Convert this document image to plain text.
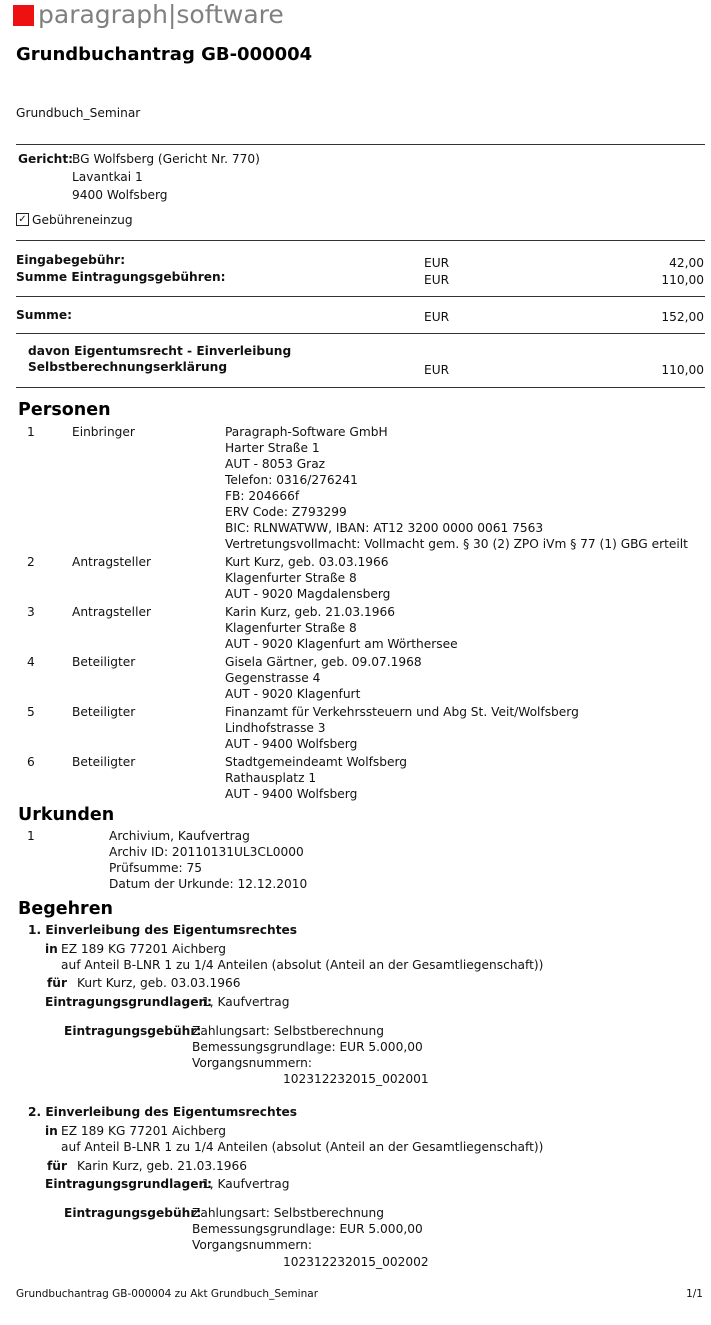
paragraph|software
Grundbuchantrag GB-000004
Grundbuch_Seminar
Gericht:
BG Wolfsberg (Gericht Nr. 770)
Lavantkai 1
9400 Wolfsberg
✓ Gebühreneinzug
Eingabegebühr:	EUR	42,00
Summe Eintragungsgebühren:	EUR	110,00
Summe:	EUR	152,00
davon Eigentumsrecht - Einverleibung
Selbstberechnungserklärung	EUR	110,00
Personen
1	Einbringer	Paragraph-Software GmbH
Harter Straße 1
AUT - 8053 Graz
Telefon: 0316/276241
FB: 204666f
ERV Code: Z793299
BIC: RLNWATWW, IBAN: AT12 3200 0000 0061 7563
Vertretungsvollmacht: Vollmacht gem. § 30 (2) ZPO iVm § 77 (1) GBG erteilt
2	Antragsteller	Kurt Kurz, geb. 03.03.1966
Klagenfurter Straße 8
AUT - 9020 Magdalensberg
3	Antragsteller	Karin Kurz, geb. 21.03.1966
Klagenfurter Straße 8
AUT - 9020 Klagenfurt am Wörthersee
4	Beteiligter	Gisela Gärtner, geb. 09.07.1968
Gegenstrasse 4
AUT - 9020 Klagenfurt
5	Beteiligter	Finanzamt für Verkehrssteuern und Abg St. Veit/Wolfsberg
Lindhofstrasse 3
AUT - 9400 Wolfsberg
6	Beteiligter	Stadtgemeindeamt Wolfsberg
Rathausplatz 1
AUT - 9400 Wolfsberg
Urkunden
1	Archivium, Kaufvertrag
Archiv ID: 20110131UL3CL0000
Prüfsumme: 75
Datum der Urkunde: 12.12.2010
Begehren
1. Einverleibung des Eigentumsrechtes
in EZ 189 KG 77201 Aichberg
auf Anteil B-LNR 1 zu 1/4 Anteilen (absolut (Anteil an der Gesamtliegenschaft))
für Kurt Kurz, geb. 03.03.1966
Eintragungsgrundlagen:
1, Kaufvertrag
Eintragungsgebühr:
Zahlungsart: Selbstberechnung
Bemessungsgrundlage: EUR 5.000,00
Vorgangsnummern:
102312232015_002001
2. Einverleibung des Eigentumsrechtes
in EZ 189 KG 77201 Aichberg
auf Anteil B-LNR 1 zu 1/4 Anteilen (absolut (Anteil an der Gesamtliegenschaft))
für Karin Kurz, geb. 21.03.1966
Eintragungsgrundlagen:
1, Kaufvertrag
Eintragungsgebühr:
Zahlungsart: Selbstberechnung
Bemessungsgrundlage: EUR 5.000,00
Vorgangsnummern:
102312232015_002002
Grundbuchantrag GB-000004 zu Akt Grundbuch_Seminar	1/1
